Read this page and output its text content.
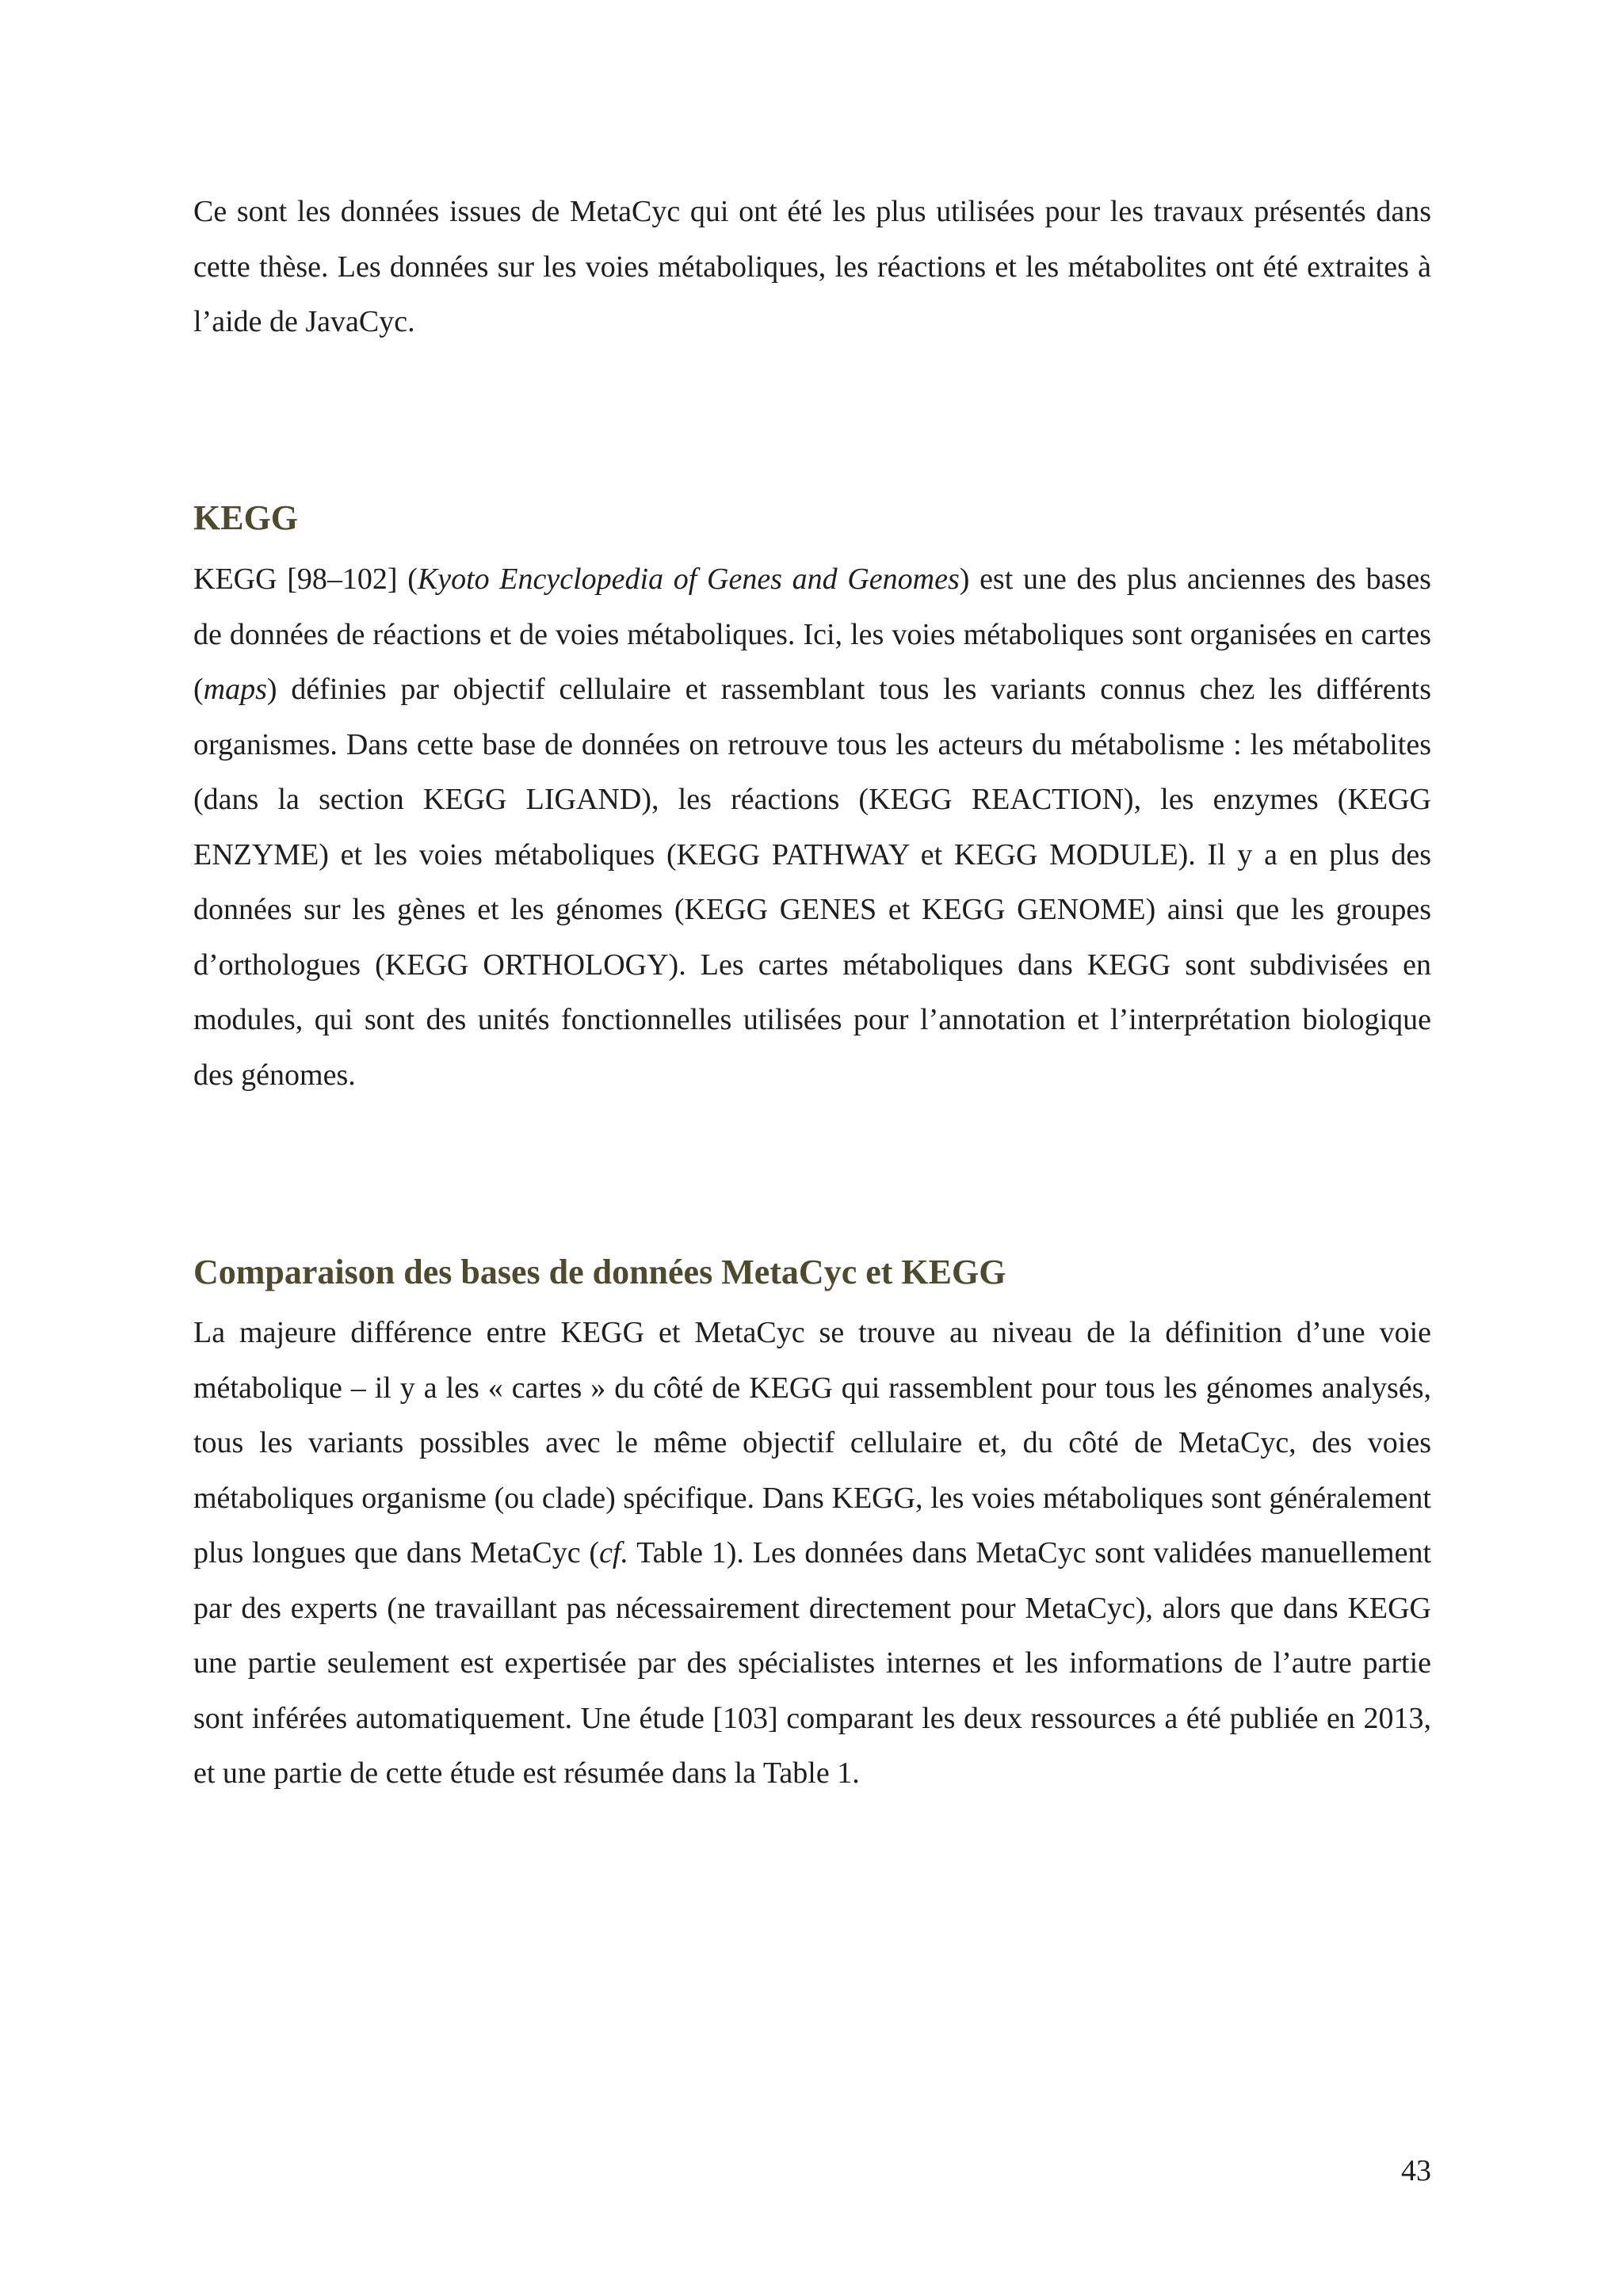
Ce sont les données issues de MetaCyc qui ont été les plus utilisées pour les travaux présentés dans cette thèse. Les données sur les voies métaboliques, les réactions et les métabolites ont été extraites à l’aide de JavaCyc.

KEGG

KEGG [98–102] (Kyoto Encyclopedia of Genes and Genomes) est une des plus anciennes des bases de données de réactions et de voies métaboliques. Ici, les voies métaboliques sont organisées en cartes (maps) définies par objectif cellulaire et rassemblant tous les variants connus chez les différents organismes. Dans cette base de données on retrouve tous les acteurs du métabolisme : les métabolites (dans la section KEGG LIGAND), les réactions (KEGG REACTION), les enzymes (KEGG ENZYME) et les voies métaboliques (KEGG PATHWAY et KEGG MODULE). Il y a en plus des données sur les gènes et les génomes (KEGG GENES et KEGG GENOME) ainsi que les groupes d’orthologues (KEGG ORTHOLOGY). Les cartes métaboliques dans KEGG sont subdivisées en modules, qui sont des unités fonctionnelles utilisées pour l’annotation et l’interprétation biologique des génomes.

Comparaison des bases de données MetaCyc et KEGG

La majeure différence entre KEGG et MetaCyc se trouve au niveau de la définition d’une voie métabolique – il y a les « cartes » du côté de KEGG qui rassemblent pour tous les génomes analysés, tous les variants possibles avec le même objectif cellulaire et, du côté de MetaCyc, des voies métaboliques organisme (ou clade) spécifique. Dans KEGG, les voies métaboliques sont généralement plus longues que dans MetaCyc (cf. Table 1). Les données dans MetaCyc sont validées manuellement par des experts (ne travaillant pas nécessairement directement pour MetaCyc), alors que dans KEGG une partie seulement est expertisée par des spécialistes internes et les informations de l’autre partie sont inférées automatiquement. Une étude [103] comparant les deux ressources a été publiée en 2013, et une partie de cette étude est résumée dans la Table 1.

43
